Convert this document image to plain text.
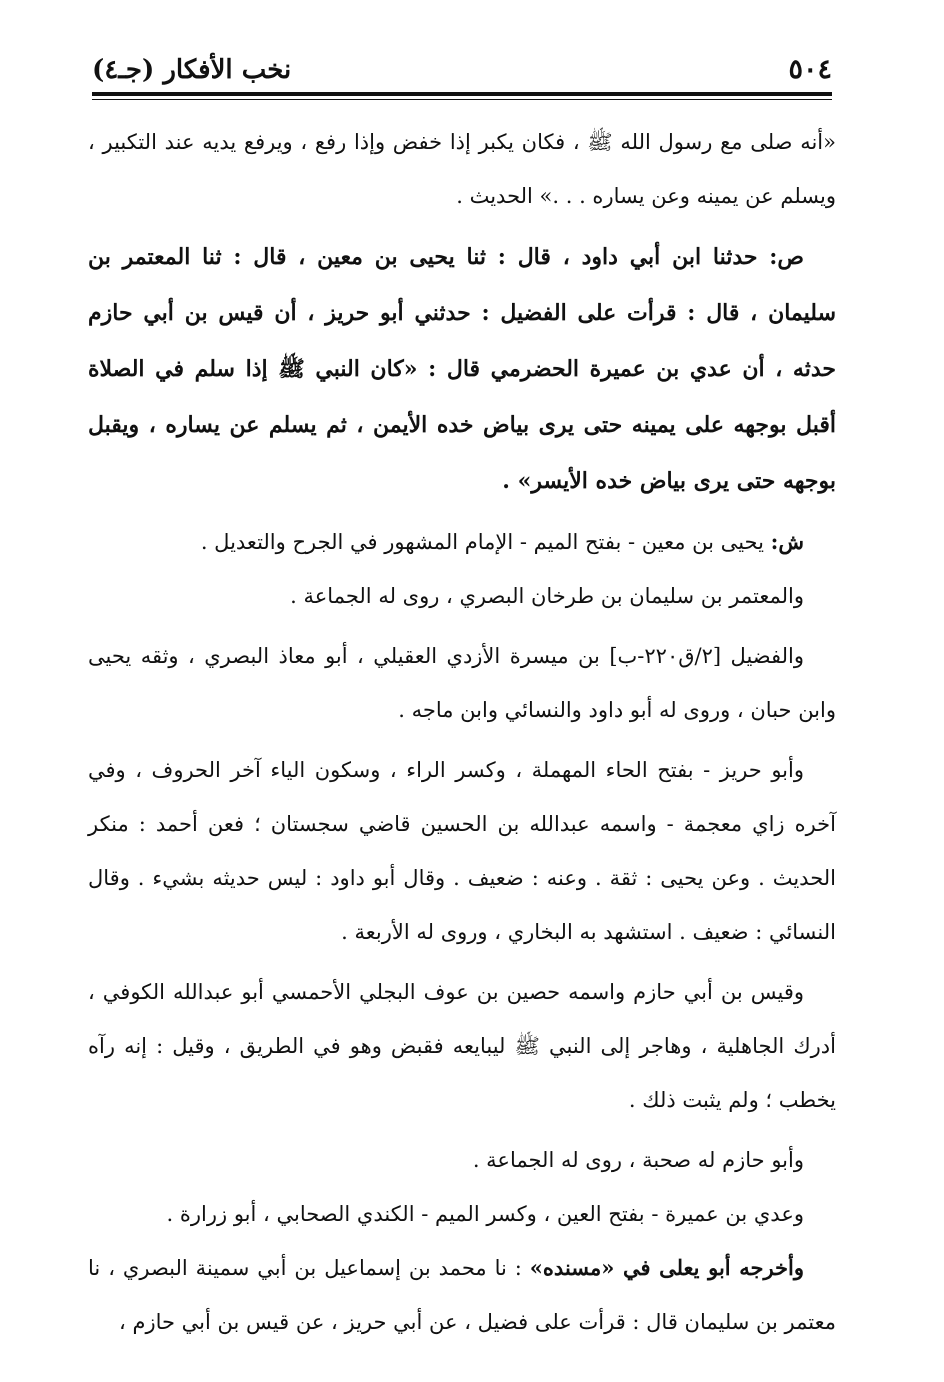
٥٠٤
نخب الأفكار (جـ٤)

«أنه صلى مع رسول الله ﷺ ، فكان يكبر إذا خفض وإذا رفع ، ويرفع يديه عند التكبير ، ويسلم عن يمينه وعن يساره . . .» الحديث .

ص: حدثنا ابن أبي داود ، قال : ثنا يحيى بن معين ، قال : ثنا المعتمر بن سليمان ، قال : قرأت على الفضيل : حدثني أبو حريز ، أن قيس بن أبي حازم حدثه ، أن عدي بن عميرة الحضرمي قال : «كان النبي ﷺ إذا سلم في الصلاة أقبل بوجهه على يمينه حتى يرى بياض خده الأيمن ، ثم يسلم عن يساره ، ويقبل بوجهه حتى يرى بياض خده الأيسر» .

ش: يحيى بن معين - بفتح الميم - الإمام المشهور في الجرح والتعديل .

والمعتمر بن سليمان بن طرخان البصري ، روى له الجماعة .

والفضيل [٢/ق٢٢٠-ب] بن ميسرة الأزدي العقيلي ، أبو معاذ البصري ، وثقه يحيى وابن حبان ، وروى له أبو داود والنسائي وابن ماجه .

وأبو حريز - بفتح الحاء المهملة ، وكسر الراء ، وسكون الياء آخر الحروف ، وفي آخره زاي معجمة - واسمه عبدالله بن الحسين قاضي سجستان ؛ فعن أحمد : منكر الحديث . وعن يحيى : ثقة . وعنه : ضعيف . وقال أبو داود : ليس حديثه بشيء . وقال النسائي : ضعيف . استشهد به البخاري ، وروى له الأربعة .

وقيس بن أبي حازم واسمه حصين بن عوف البجلي الأحمسي أبو عبدالله الكوفي ، أدرك الجاهلية ، وهاجر إلى النبي ﷺ ليبايعه فقبض وهو في الطريق ، وقيل : إنه رآه يخطب ؛ ولم يثبت ذلك .

وأبو حازم له صحبة ، روى له الجماعة .

وعدي بن عميرة - بفتح العين ، وكسر الميم - الكندي الصحابي ، أبو زرارة .

وأخرجه أبو يعلى في «مسنده» : نا محمد بن إسماعيل بن أبي سمينة البصري ، نا معتمر بن سليمان قال : قرأت على فضيل ، عن أبي حريز ، عن قيس بن أبي حازم ،
